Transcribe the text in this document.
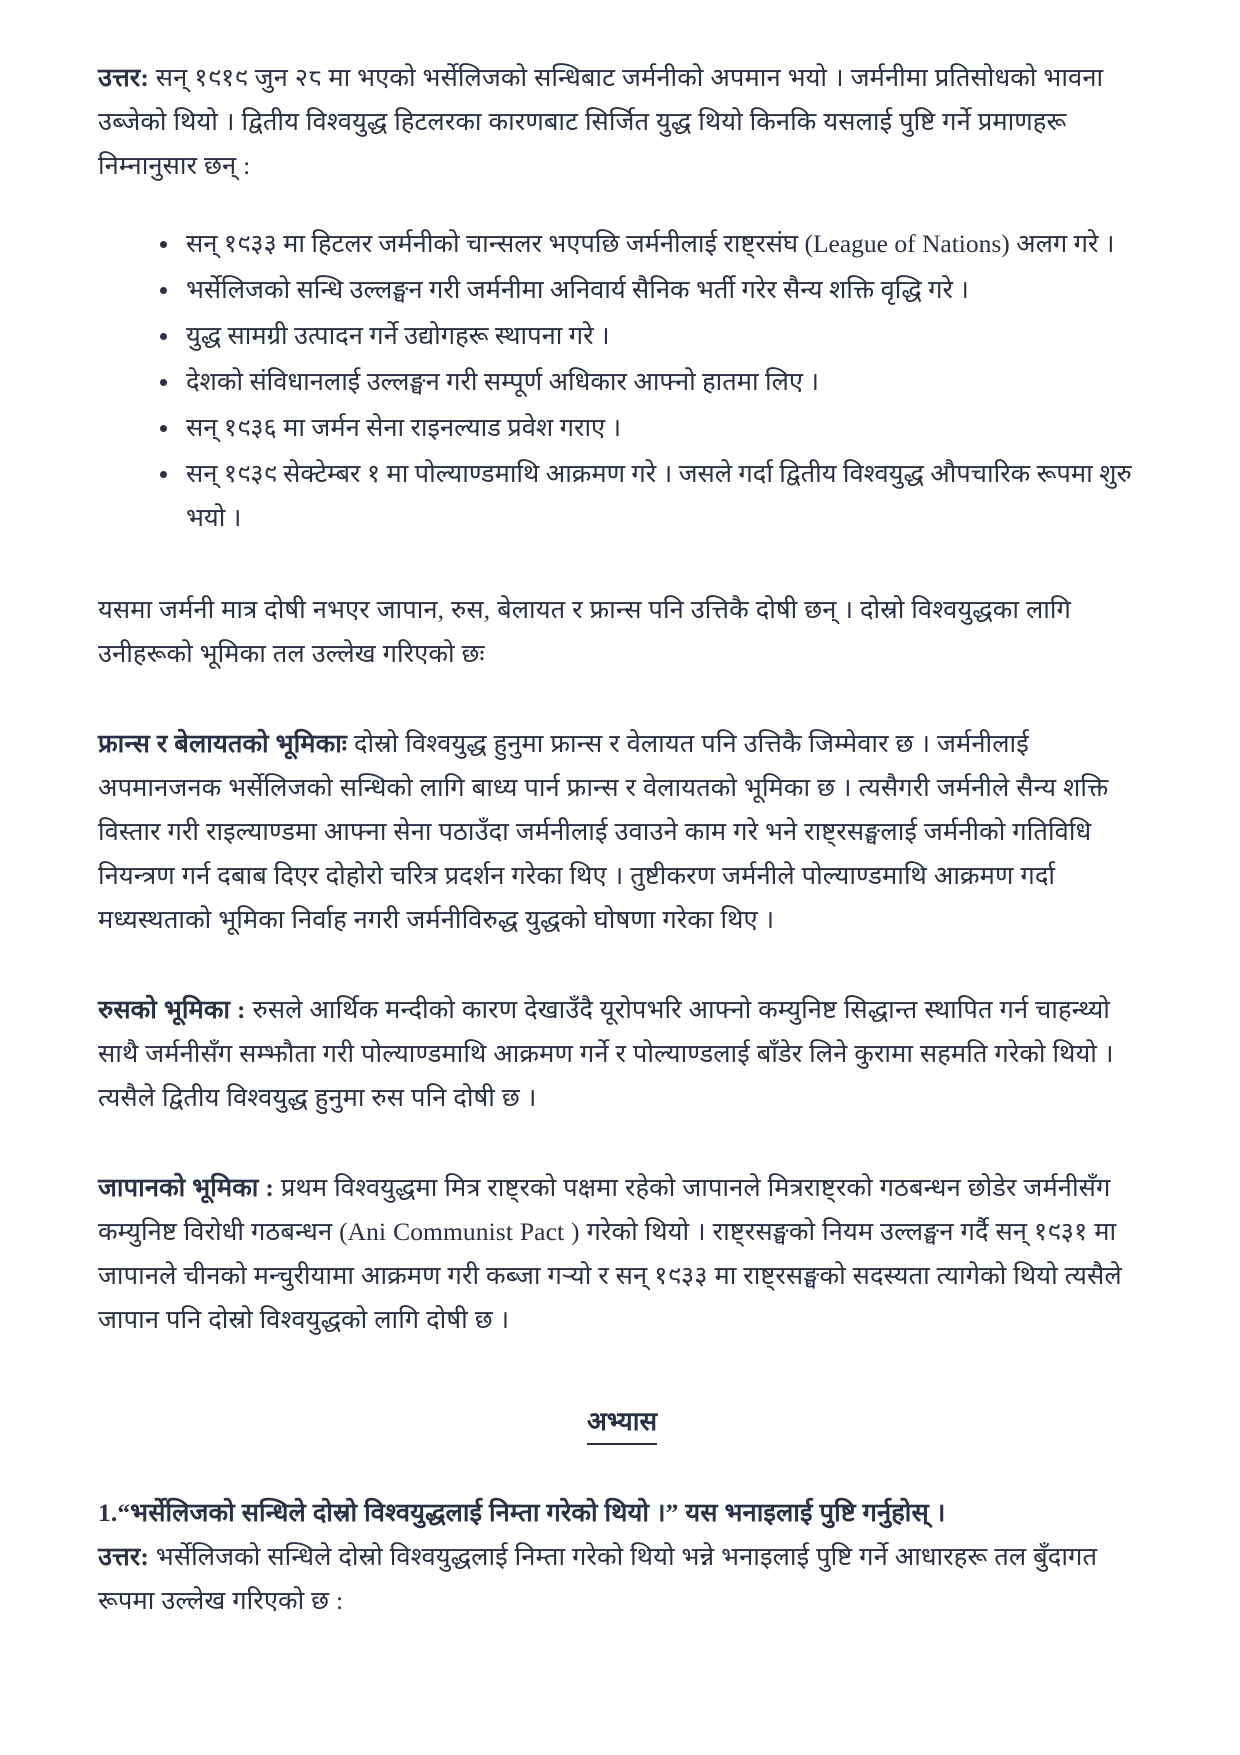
उत्तर: सन् १९१९ जुन २८ मा भएको भर्सेलिजको सन्धिबाट जर्मनीको अपमान भयो । जर्मनीमा प्रतिसोधको भावना उब्जेको थियो । द्वितीय विश्वयुद्ध हिटलरका कारणबाट सिर्जित युद्ध थियो किनकि यसलाई पुष्टि गर्ने प्रमाणहरू निम्नानुसार छन् :

सन् १९३३ मा हिटलर जर्मनीको चान्सलर भएपछि जर्मनीलाई राष्ट्रसंघ (League of Nations) अलग गरे ।
भर्सेलिजको सन्धि उल्लङ्घन गरी जर्मनीमा अनिवार्य सैनिक भर्ती गरेर सैन्य शक्ति वृद्धि गरे ।
युद्ध सामग्री उत्पादन गर्ने उद्योगहरू स्थापना गरे ।
देशको संविधानलाई उल्लङ्घन गरी सम्पूर्ण अधिकार आफ्नो हातमा लिए ।
सन् १९३६ मा जर्मन सेना राइनल्याड प्रवेश गराए ।
सन् १९३९ सेक्टेम्बर १ मा पोल्याण्डमाथि आक्रमण गरे । जसले गर्दा द्वितीय विश्वयुद्ध औपचारिक रूपमा शुरु भयो ।

यसमा जर्मनी मात्र दोषी नभएर जापान, रुस, बेलायत र फ्रान्स पनि उत्तिकै दोषी छन् । दोस्रो विश्वयुद्धका लागि उनीहरूको भूमिका तल उल्लेख गरिएको छः

फ्रान्स र बेलायतको भूमिकाः दोस्रो विश्वयुद्ध हुनुमा फ्रान्स र वेलायत पनि उत्तिकै जिम्मेवार छ । जर्मनीलाई अपमानजनक भर्सेलिजको सन्धिको लागि बाध्य पार्न फ्रान्स र वेलायतको भूमिका छ । त्यसैगरी जर्मनीले सैन्य शक्ति विस्तार गरी राइल्याण्डमा आफ्ना सेना पठाउँदा जर्मनीलाई उवाउने काम गरे भने राष्ट्रसङ्घलाई जर्मनीको गतिविधि नियन्त्रण गर्न दबाब दिएर दोहोरो चरित्र प्रदर्शन गरेका थिए । तुष्टीकरण जर्मनीले पोल्याण्डमाथि आक्रमण गर्दा मध्यस्थताको भूमिका निर्वाह नगरी जर्मनीविरुद्ध युद्धको घोषणा गरेका थिए ।

रुसको भूमिका : रुसले आर्थिक मन्दीको कारण देखाउँदै यूरोपभरि आफ्नो कम्युनिष्ट सिद्धान्त स्थापित गर्न चाहन्थ्यो साथै जर्मनीसँग सम्झौता गरी पोल्याण्डमाथि आक्रमण गर्ने र पोल्याण्डलाई बाँडेर लिने कुरामा सहमति गरेको थियो । त्यसैले द्वितीय विश्वयुद्ध हुनुमा रुस पनि दोषी छ ।

जापानको भूमिका : प्रथम विश्वयुद्धमा मित्र राष्ट्रको पक्षमा रहेको जापानले मित्रराष्ट्रको गठबन्धन छोडेर जर्मनीसँग कम्युनिष्ट विरोधी गठबन्धन (Ani Communist Pact ) गरेको थियो । राष्ट्रसङ्घको नियम उल्लङ्घन गर्दै सन् १९३१ मा जापानले चीनको मन्चुरीयामा आक्रमण गरी कब्जा गर्‍यो र सन् १९३३ मा राष्ट्रसङ्घको सदस्यता त्यागेको थियो त्यसैले जापान पनि दोस्रो विश्वयुद्धको लागि दोषी छ ।

अभ्यास

1.“भर्सेलिजको सन्धिले दोस्रो विश्वयुद्धलाई निम्ता गरेको थियो ।” यस भनाइलाई पुष्टि गर्नुहोस् ।

उत्तर: भर्सेलिजको सन्धिले दोस्रो विश्वयुद्धलाई निम्ता गरेको थियो भन्ने भनाइलाई पुष्टि गर्ने आधारहरू तल बुँदागत रूपमा उल्लेख गरिएको छ :
